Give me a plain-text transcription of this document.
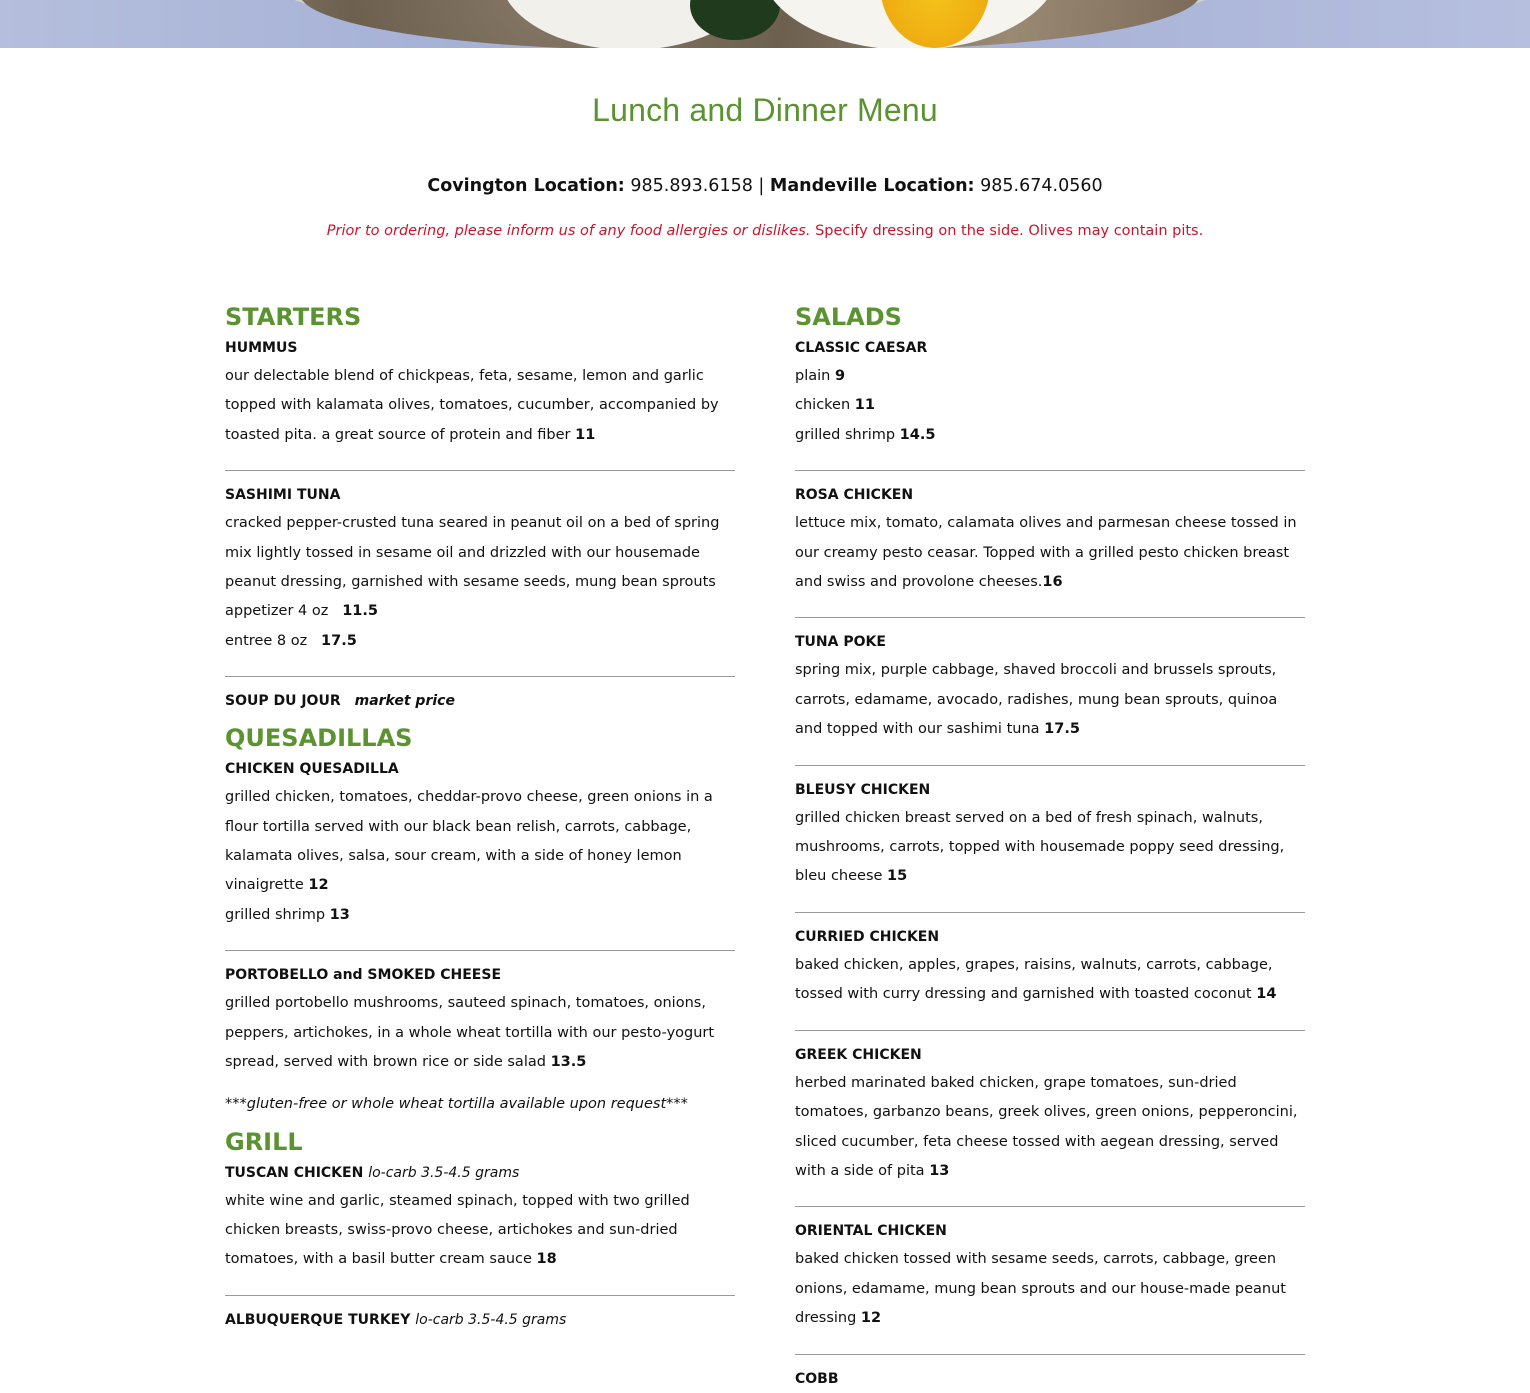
Lunch and Dinner Menu
Covington Location: 985.893.6158 | Mandeville Location: 985.674.0560
Prior to ordering, please inform us of any food allergies or dislikes. Specify dressing on the side. Olives may contain pits.
STARTERS

HUMMUS

our delectable blend of chickpeas, feta, sesame, lemon and garlic topped with kalamata olives, tomatoes, cucumber, accompanied by toasted pita. a great source of protein and fiber 11

SASHIMI TUNA

cracked pepper-crusted tuna seared in peanut oil on a bed of spring mix lightly tossed in sesame oil and drizzled with our housemade peanut dressing, garnished with sesame seeds, mung bean sprouts

appetizer 4 oz 11.5

entree 8 oz 17.5

SOUP DU JOUR market price
QUESADILLAS

CHICKEN QUESADILLA

grilled chicken, tomatoes, cheddar-provo cheese, green onions in a flour tortilla served with our black bean relish, carrots, cabbage, kalamata olives, salsa, sour cream, with a side of honey lemon vinaigrette 12

grilled shrimp 13

PORTOBELLO and SMOKED CHEESE

grilled portobello mushrooms, sauteed spinach, tomatoes, onions, peppers, artichokes, in a whole wheat tortilla with our pesto-yogurt spread, served with brown rice or side salad 13.5

***gluten-free or whole wheat tortilla available upon request***

GRILL

TUSCAN CHICKEN lo-carb 3.5-4.5 grams

white wine and garlic, steamed spinach, topped with two grilled chicken breasts, swiss-provo cheese, artichokes and sun-dried tomatoes, with a basil butter cream sauce 18

ALBUQUERQUE TURKEY lo-carb 3.5-4.5 grams

SALADS

CLASSIC CAESAR

plain 9

chicken 11

grilled shrimp 14.5

ROSA CHICKEN

lettuce mix, tomato, calamata olives and parmesan cheese tossed in our creamy pesto ceasar. Topped with a grilled pesto chicken breast and swiss and provolone cheeses.16

TUNA POKE

spring mix, purple cabbage, shaved broccoli and brussels sprouts, carrots, edamame, avocado, radishes, mung bean sprouts, quinoa and topped with our sashimi tuna 17.5

BLEUSY CHICKEN

grilled chicken breast served on a bed of fresh spinach, walnuts, mushrooms, carrots, topped with housemade poppy seed dressing, bleu cheese 15

CURRIED CHICKEN

baked chicken, apples, grapes, raisins, walnuts, carrots, cabbage, tossed with curry dressing and garnished with toasted coconut 14

GREEK CHICKEN

herbed marinated baked chicken, grape tomatoes, sun-dried tomatoes, garbanzo beans, greek olives, green onions, pepperoncini, sliced cucumber, feta cheese tossed with aegean dressing, served with a side of pita 13

ORIENTAL CHICKEN

baked chicken tossed with sesame seeds, carrots, cabbage, green onions, edamame, mung bean sprouts and our house-made peanut dressing 12

COBB
